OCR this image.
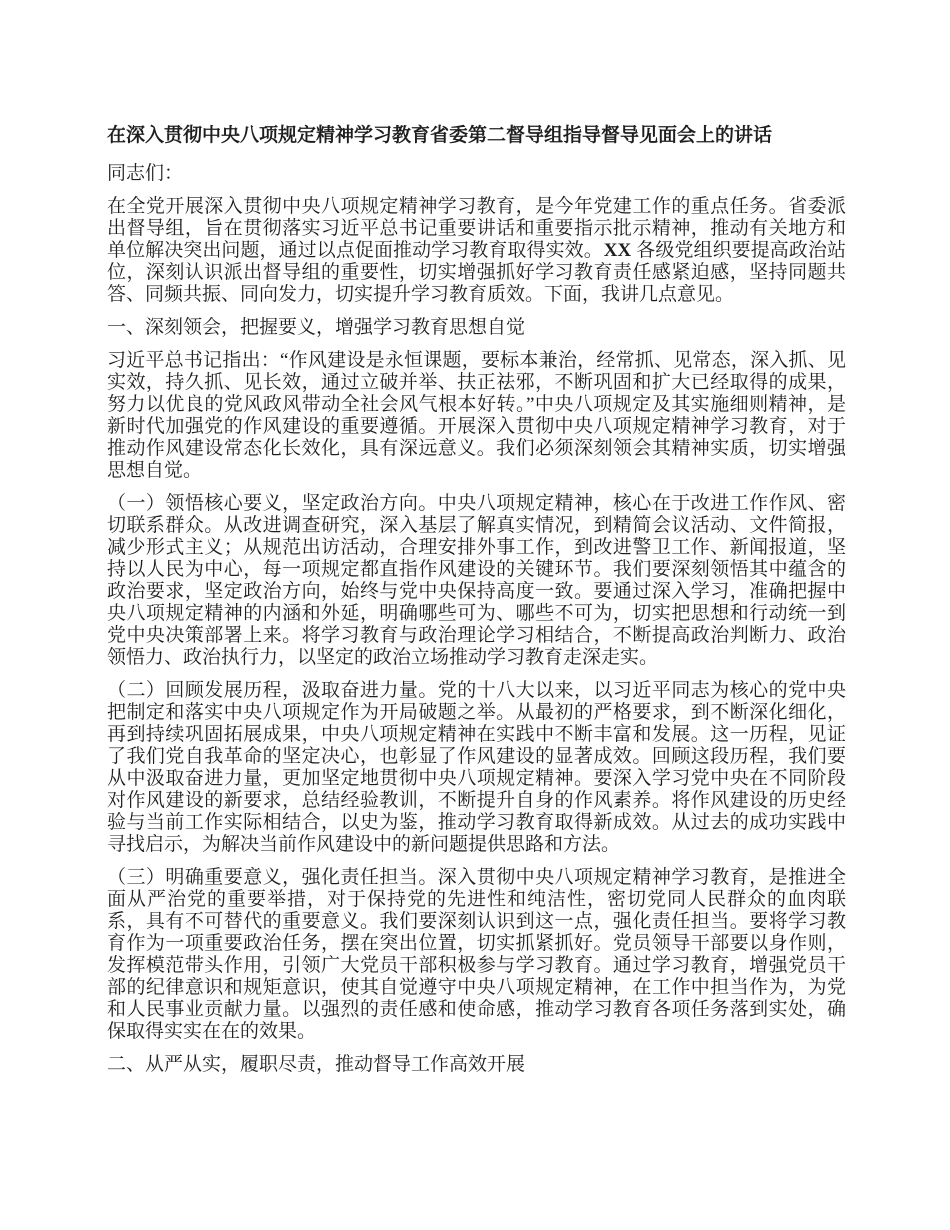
在深入贯彻中央八项规定精神学习教育省委第二督导组指导督导见面会上的讲话

同志们：

在全党开展深入贯彻中央八项规定精神学习教育，是今年党建工作的重点任务。省委派出督导组，旨在贯彻落实习近平总书记重要讲话和重要指示批示精神，推动有关地方和单位解决突出问题，通过以点促面推动学习教育取得实效。XX 各级党组织要提高政治站位，深刻认识派出督导组的重要性，切实增强抓好学习教育责任感紧迫感，坚持同题共答、同频共振、同向发力，切实提升学习教育质效。下面，我讲几点意见。

一、深刻领会，把握要义，增强学习教育思想自觉

习近平总书记指出：“作风建设是永恒课题，要标本兼治，经常抓、见常态，深入抓、见实效，持久抓、见长效，通过立破并举、扶正祛邪，不断巩固和扩大已经取得的成果，努力以优良的党风政风带动全社会风气根本好转。”中央八项规定及其实施细则精神，是新时代加强党的作风建设的重要遵循。开展深入贯彻中央八项规定精神学习教育，对于推动作风建设常态化长效化，具有深远意义。我们必须深刻领会其精神实质，切实增强思想自觉。

（一）领悟核心要义，坚定政治方向。中央八项规定精神，核心在于改进工作作风、密切联系群众。从改进调查研究，深入基层了解真实情况，到精简会议活动、文件简报，减少形式主义；从规范出访活动，合理安排外事工作，到改进警卫工作、新闻报道，坚持以人民为中心，每一项规定都直指作风建设的关键环节。我们要深刻领悟其中蕴含的政治要求，坚定政治方向，始终与党中央保持高度一致。要通过深入学习，准确把握中央八项规定精神的内涵和外延，明确哪些可为、哪些不可为，切实把思想和行动统一到党中央决策部署上来。将学习教育与政治理论学习相结合，不断提高政治判断力、政治领悟力、政治执行力，以坚定的政治立场推动学习教育走深走实。

（二）回顾发展历程，汲取奋进力量。党的十八大以来，以习近平同志为核心的党中央把制定和落实中央八项规定作为开局破题之举。从最初的严格要求，到不断深化细化，再到持续巩固拓展成果，中央八项规定精神在实践中不断丰富和发展。这一历程，见证了我们党自我革命的坚定决心，也彰显了作风建设的显著成效。回顾这段历程，我们要从中汲取奋进力量，更加坚定地贯彻中央八项规定精神。要深入学习党中央在不同阶段对作风建设的新要求，总结经验教训，不断提升自身的作风素养。将作风建设的历史经验与当前工作实际相结合，以史为鉴，推动学习教育取得新成效。从过去的成功实践中寻找启示，为解决当前作风建设中的新问题提供思路和方法。

（三）明确重要意义，强化责任担当。深入贯彻中央八项规定精神学习教育，是推进全面从严治党的重要举措，对于保持党的先进性和纯洁性，密切党同人民群众的血肉联系，具有不可替代的重要意义。我们要深刻认识到这一点，强化责任担当。要将学习教育作为一项重要政治任务，摆在突出位置，切实抓紧抓好。党员领导干部要以身作则，发挥模范带头作用，引领广大党员干部积极参与学习教育。通过学习教育，增强党员干部的纪律意识和规矩意识，使其自觉遵守中央八项规定精神，在工作中担当作为，为党和人民事业贡献力量。以强烈的责任感和使命感，推动学习教育各项任务落到实处，确保取得实实在在的效果。

二、从严从实，履职尽责，推动督导工作高效开展
